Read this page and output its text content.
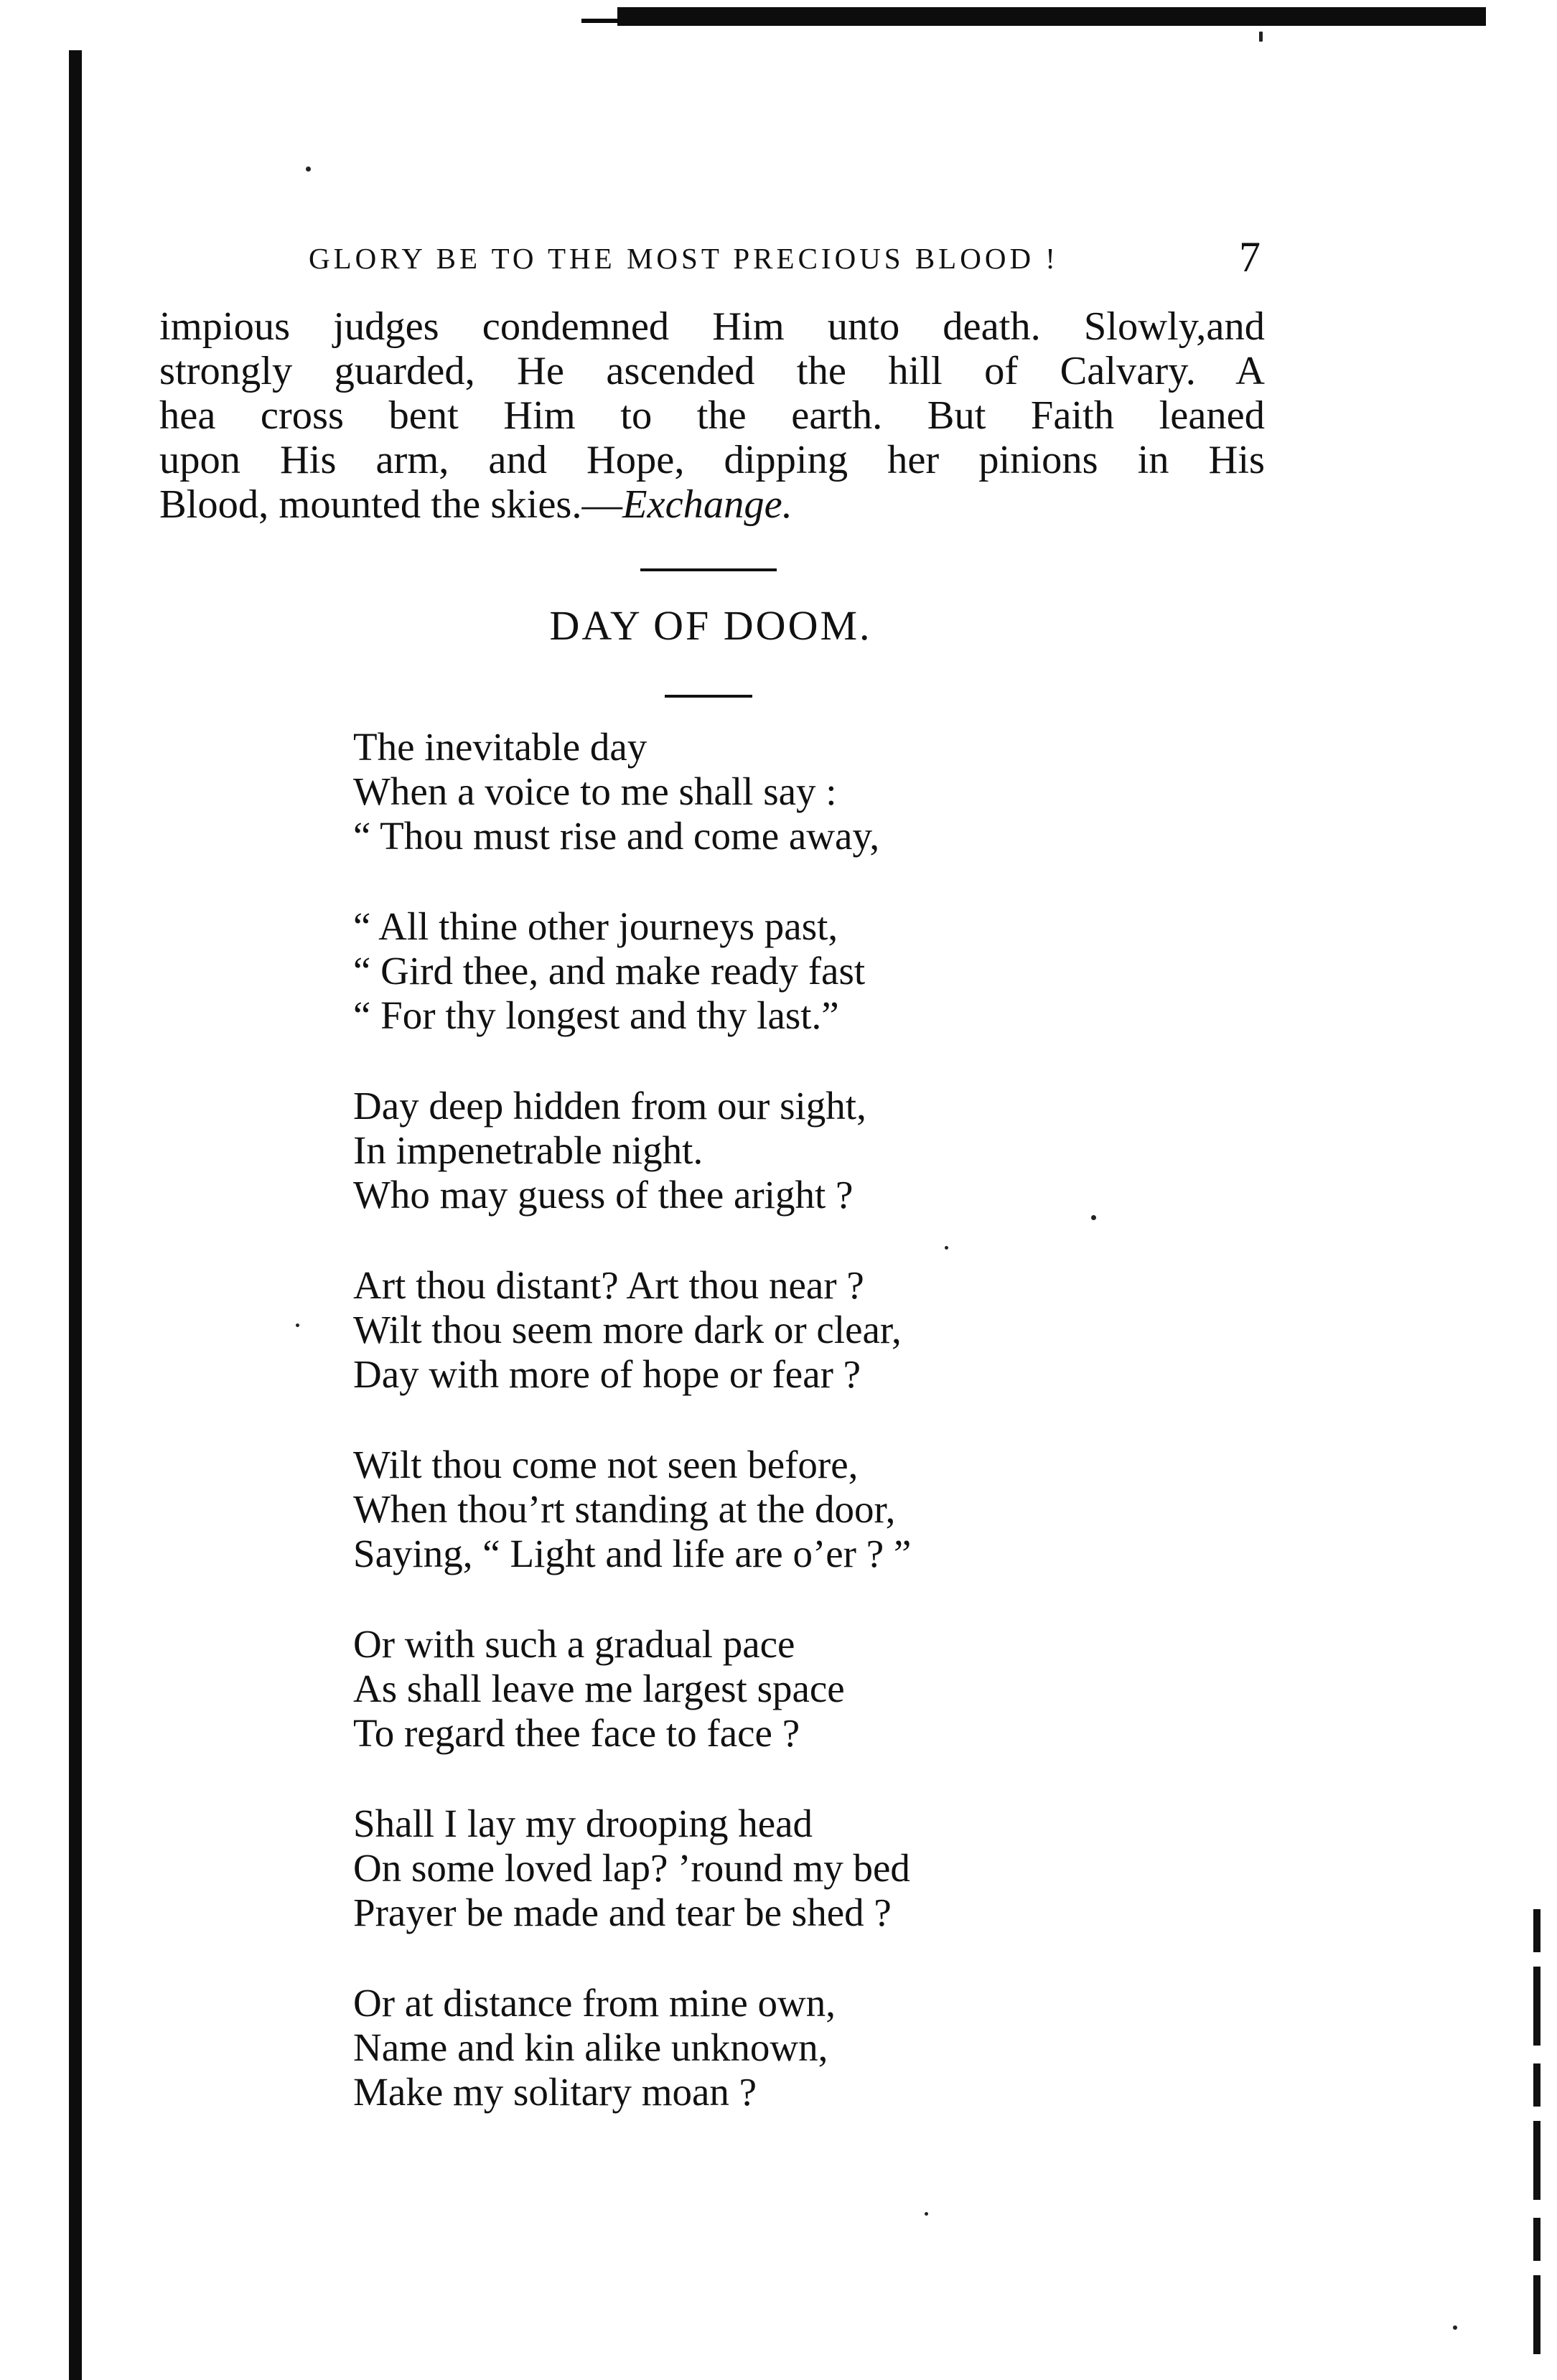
GLORY BE TO THE MOST PRECIOUS BLOOD !	7
impious judges condemned Him unto death. Slowly,and
strongly guarded, He ascended the hill of Calvary. A
hea cross bent Him to the earth. But Faith leaned
upon His arm, and Hope, dipping her pinions in His
Blood, mounted the skies.—Exchange.
DAY OF DOOM.
The inevitable day
When a voice to me shall say :
“ Thou must rise and come away,
“ All thine other journeys past,
“ Gird thee, and make ready fast
“ For thy longest and thy last.”
Day deep hidden from our sight,
In impenetrable night.
Who may guess of thee aright ?
Art thou distant? Art thou near ?
Wilt thou seem more dark or clear,
Day with more of hope or fear ?
Wilt thou come not seen before,
When thou’rt standing at the door,
Saying, “ Light and life are o’er ? ”
Or with such a gradual pace
As shall leave me largest space
To regard thee face to face ?
Shall I lay my drooping head
On some loved lap? ’round my bed
Prayer be made and tear be shed ?
Or at distance from mine own,
Name and kin alike unknown,
Make my solitary moan ?
